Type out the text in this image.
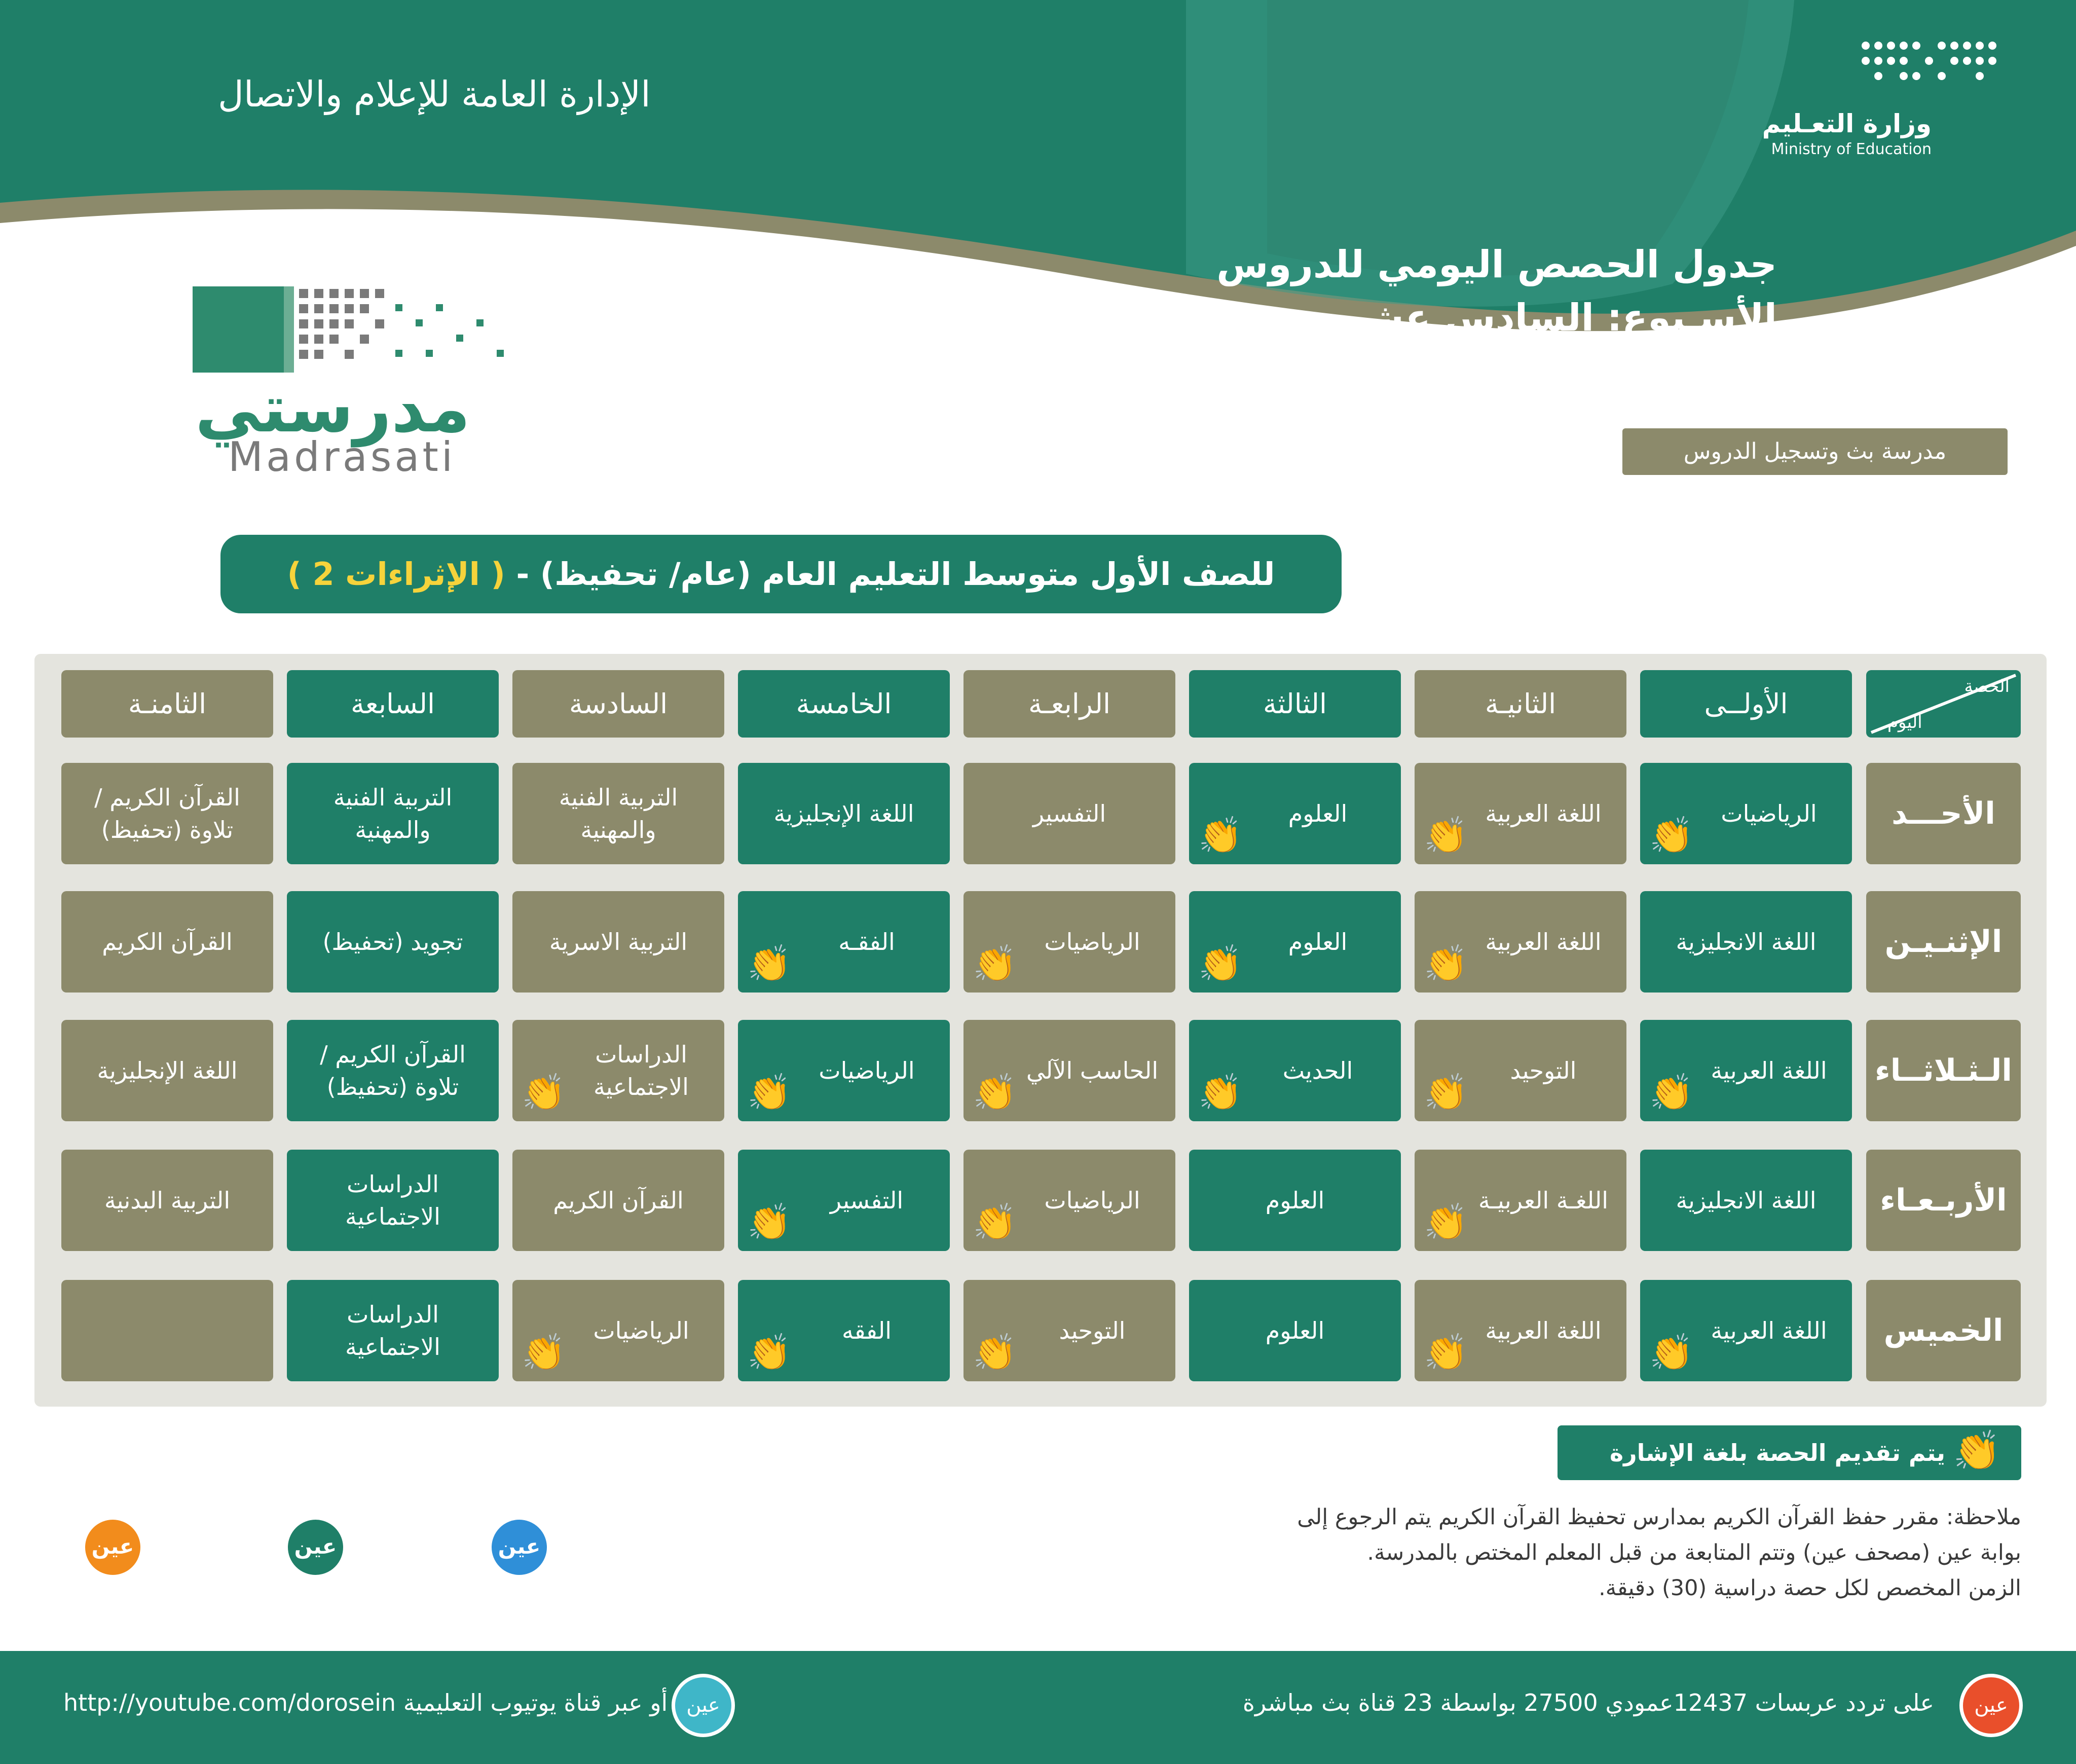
وزارة التعـليم
Ministry of Education
الإدارة العامة للإعلام والاتصال
جدول الحصص اليومي للدروس
الأسـبوع: السادس عشر
مدرستي
Madrasati	مدرسة بث وتسجيل الدروس
للصف الأول متوسط التعليم العام (عام/ تحفيظ) - ( الإثراءات 2 )
الحصة
اليوم
الأولــى
الثانيـة
الثالثة
الرابعـة
الخامسة
السادسة
السابعة
الثامنـة
الأحـــد
الرياضيات
👏
اللغة العربية
👏
العلوم
👏
التفسير
اللغة الإنجليزية
التربية الفنية والمهنية
التربية الفنية والمهنية
القرآن الكريم / تلاوة (تحفيظ)
الإثنـيـن
اللغة الانجليزية
اللغة العربية
👏
العلوم
👏
الرياضيات
👏
الفقـه
👏
التربية الاسرية
تجويد (تحفيظ)
القرآن الكريم
الـثـلاثــاء
اللغة العربية
👏
التوحيد
👏
الحديث
👏
الحاسب الآلي
👏
الرياضيات
👏
الدراسات الاجتماعية
👏
القرآن الكريم / تلاوة (تحفيظ)
اللغة الإنجليزية
الأربـعـاء
اللغة الانجليزية
اللغـة العربيـة
👏
العلوم
الرياضيات
👏
التفسير
👏
القرآن الكريم
الدراسات الاجتماعية
التربية البدنية
الخميس
اللغة العربية
👏
اللغة العربية
👏
العلوم
التوحيد
👏
الفقه
👏
الرياضيات
👏
الدراسات الاجتماعية
👏
يتم تقديم الحصة بلغة الإشارة
ملاحظة: مقرر حفظ القرآن الكريم بمدارس تحفيظ القرآن الكريم يتم الرجوع إلى
بوابة عين (مصحف عين) وتتم المتابعة من قبل المعلم المختص بالمدرسة.
الزمن المخصص لكل حصة دراسية (30) دقيقة.
عين
دروس الابتدائي
عين
دروس المتوسط
عين
دروس الثانوي
عين
على تردد عربسات 12437عمودي 27500 بواسطة 23 قناة بث مباشرة
عين
http://youtube.com/dorosein أو عبر قناة يوتيوب التعليمية
